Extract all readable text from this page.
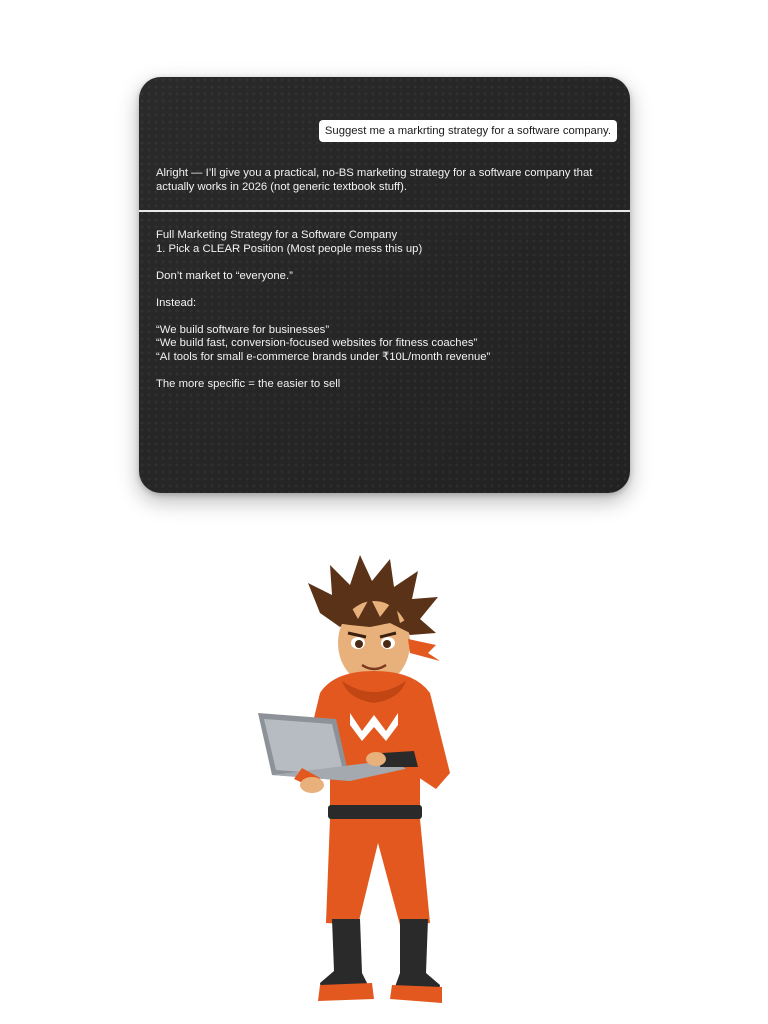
Suggest me a markrting strategy for a software company.

Alright — I’ll give you a practical, no-BS marketing strategy for a software company that actually works in 2026 (not generic textbook stuff).

Full Marketing Strategy for a Software Company

1. Pick a CLEAR Position (Most people mess this up)

Don’t market to “everyone.”

Instead:

“We build software for businesses”

“We build fast, conversion-focused websites for fitness coaches”

“AI tools for small e-commerce brands under ₹10L/month revenue”

The more specific = the easier to sell
